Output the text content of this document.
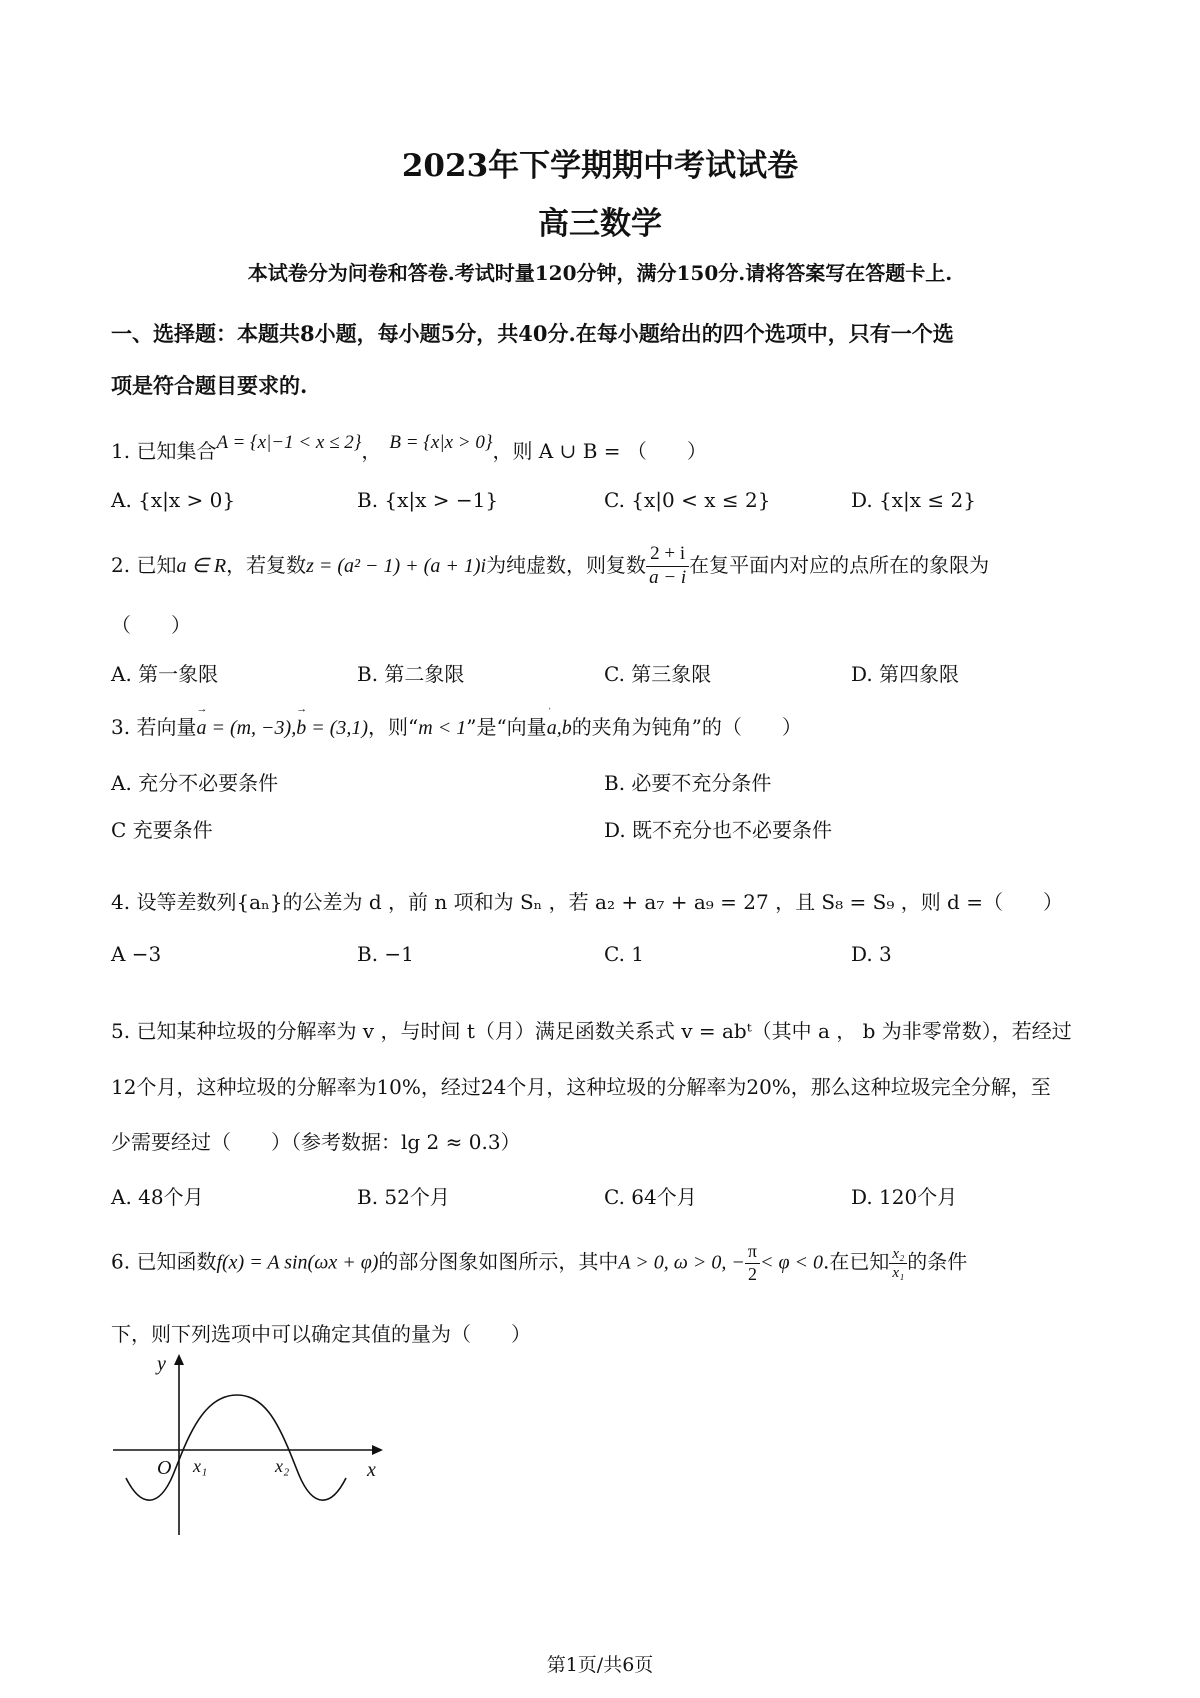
2023年下学期期中考试试卷
高三数学
本试卷分为问卷和答卷.考试时量120分钟，满分150分.请将答案写在答题卡上.
一、选择题：本题共8小题，每小题5分，共40分.在每小题给出的四个选项中，只有一个选
项是符合题目要求的.
1. 已知集合A = {x|−1 < x ≤ 2}， B = {x|x > 0}，则 A ∪ B = （　　）
A. {x|x > 0}	B. {x|x > −1}	C. {x|0 < x ≤ 2}	D. {x|x ≤ 2}
2. 已知a ∈ R，若复数z = (a² − 1) + (a + 1)i为纯虚数，则复数 $\frac{2 + i}{a - i}$ 在复平面内对应的点所在的象限为
（　　）
A. 第一象限	B. 第二象限	C. 第三象限	D. 第四象限
3. 若向量→ a = (m, −3),→ b = (3,1)，则“m < 1”是“向量ˈ a,b的夹角为钝角”的（　　）
A. 充分不必要条件	B. 必要不充分条件
C 充要条件	D. 既不充分也不必要条件
4. 设等差数列{aₙ}的公差为 d ，前 n 项和为 Sₙ ，若 a₂ + a₇ + a₉ = 27 ，且 S₈ = S₉ ，则 d =（　　）
A −3	B. −1	C. 1	D. 3
5. 已知某种垃圾的分解率为 v ，与时间 t（月）满足函数关系式 v = abᵗ（其中 a ， b 为非零常数），若经过
12个月，这种垃圾的分解率为10%，经过24个月，这种垃圾的分解率为20%，那么这种垃圾完全分解，至
少需要经过（　　）（参考数据：lg 2 ≈ 0.3）
A. 48个月	B. 52个月	C. 64个月	D. 120个月
6. 已知函数f(x) = A sin(ωx + φ)的部分图象如图所示，其中A > 0, ω > 0, − $\frac{\pi}{2} < \varphi < 0$.在已知 $\frac{\text{x₂}}{\text{x₁}}$ 的条件
下，则下列选项中可以确定其值的量为（　　）
y
x
O x₁	x₂
第1页/共6页
